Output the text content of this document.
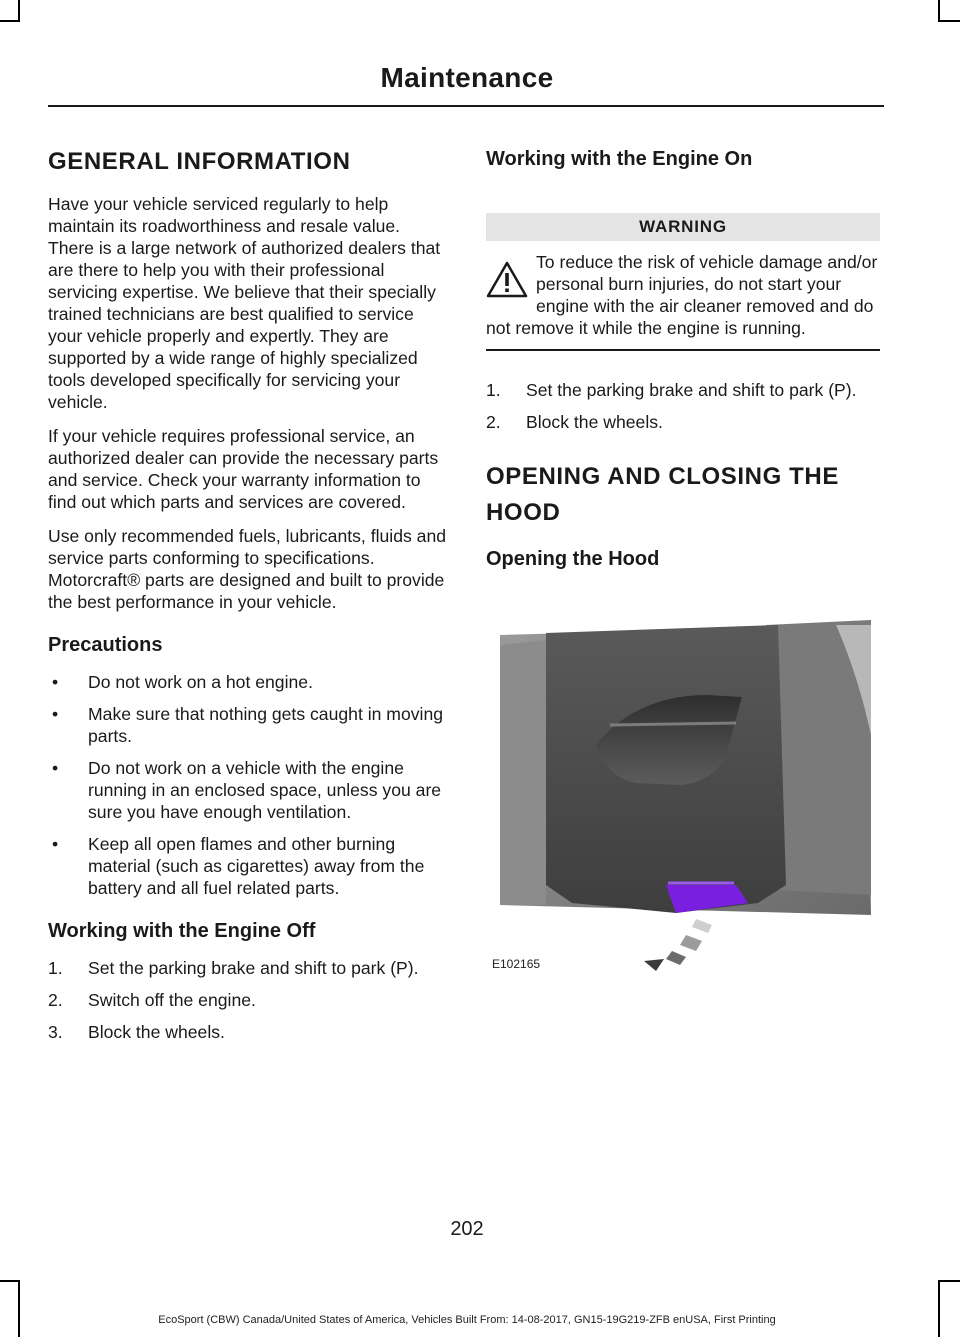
Maintenance
GENERAL INFORMATION

Have your vehicle serviced regularly to help maintain its roadworthiness and resale value. There is a large network of authorized dealers that are there to help you with their professional servicing expertise. We believe that their specially trained technicians are best qualified to service your vehicle properly and expertly. They are supported by a wide range of highly specialized tools developed specifically for servicing your vehicle.

If your vehicle requires professional service, an authorized dealer can provide the necessary parts and service. Check your warranty information to find out which parts and services are covered.

Use only recommended fuels, lubricants, fluids and service parts conforming to specifications. Motorcraft® parts are designed and built to provide the best performance in your vehicle.

Precautions
• Do not work on a hot engine.
• Make sure that nothing gets caught in moving parts.
• Do not work on a vehicle with the engine running in an enclosed space, unless you are sure you have enough ventilation.
• Keep all open flames and other burning material (such as cigarettes) away from the battery and all fuel related parts.
Working with the Engine Off
1. Set the parking brake and shift to park (P).
2. Switch off the engine.
3. Block the wheels.
Working with the Engine On
WARNING
To reduce the risk of vehicle damage and/or personal burn injuries, do not start your engine with the air cleaner removed and do not remove it while the engine is running.
1. Set the parking brake and shift to park (P).
2. Block the wheels.
OPENING AND CLOSING THE HOOD
Opening the Hood
E102165
202
EcoSport (CBW) Canada/United States of America, Vehicles Built From: 14-08-2017, GN15-19G219-ZFB enUSA, First Printing
